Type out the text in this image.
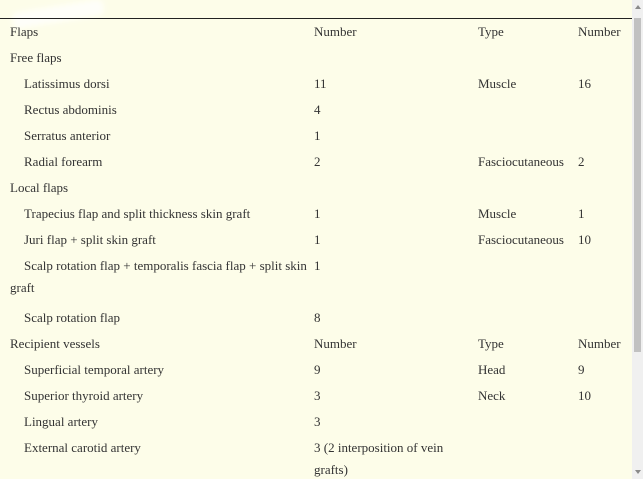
Flaps	Number	Type	Number
Free flaps			
Latissimus dorsi	11	Muscle	16
Rectus abdominis	4		
Serratus anterior	1		
Radial forearm	2	Fasciocutaneous	2
Local flaps			
Trapecius flap and split thickness skin graft	1	Muscle	1
Juri flap + split skin graft	1	Fasciocutaneous	10
Scalp rotation flap + temporalis fascia flap + split skin graft	1		
Scalp rotation flap	8		
Recipient vessels	Number	Type	Number
Superficial temporal artery	9	Head	9
Superior thyroid artery	3	Neck	10
Lingual artery	3		
External carotid artery	3 (2 interposition of vein grafts)		
